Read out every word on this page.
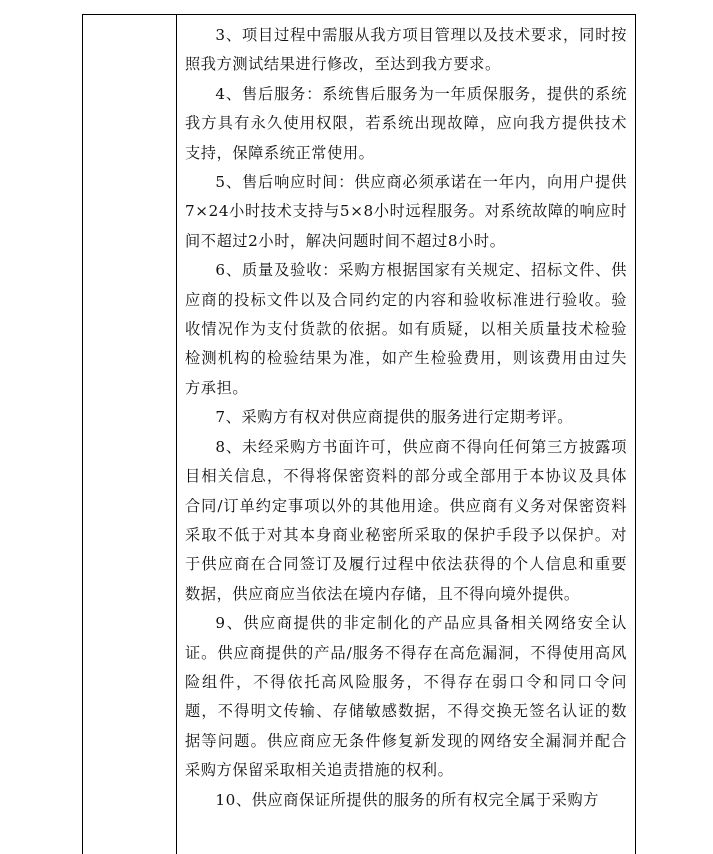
3、项目过程中需服从我方项目管理以及技术要求，同时按照我方测试结果进行修改，至达到我方要求。

4、售后服务：系统售后服务为一年质保服务，提供的系统我方具有永久使用权限，若系统出现故障，应向我方提供技术支持，保障系统正常使用。

5、售后响应时间：供应商必须承诺在一年内，向用户提供7×24小时技术支持与5×8小时远程服务。对系统故障的响应时间不超过2小时，解决问题时间不超过8小时。

6、质量及验收：采购方根据国家有关规定、招标文件、供应商的投标文件以及合同约定的内容和验收标准进行验收。验收情况作为支付货款的依据。如有质疑，以相关质量技术检验检测机构的检验结果为准，如产生检验费用，则该费用由过失方承担。

7、采购方有权对供应商提供的服务进行定期考评。

8、未经采购方书面许可，供应商不得向任何第三方披露项目相关信息，不得将保密资料的部分或全部用于本协议及具体合同/订单约定事项以外的其他用途。供应商有义务对保密资料采取不低于对其本身商业秘密所采取的保护手段予以保护。对于供应商在合同签订及履行过程中依法获得的个人信息和重要数据，供应商应当依法在境内存储，且不得向境外提供。

9、供应商提供的非定制化的产品应具备相关网络安全认证。供应商提供的产品/服务不得存在高危漏洞，不得使用高风险组件，不得依托高风险服务，不得存在弱口令和同口令问题，不得明文传输、存储敏感数据，不得交换无签名认证的数据等问题。供应商应无条件修复新发现的网络安全漏洞并配合采购方保留采取相关追责措施的权利。

10、供应商保证所提供的服务的所有权完全属于采购方
